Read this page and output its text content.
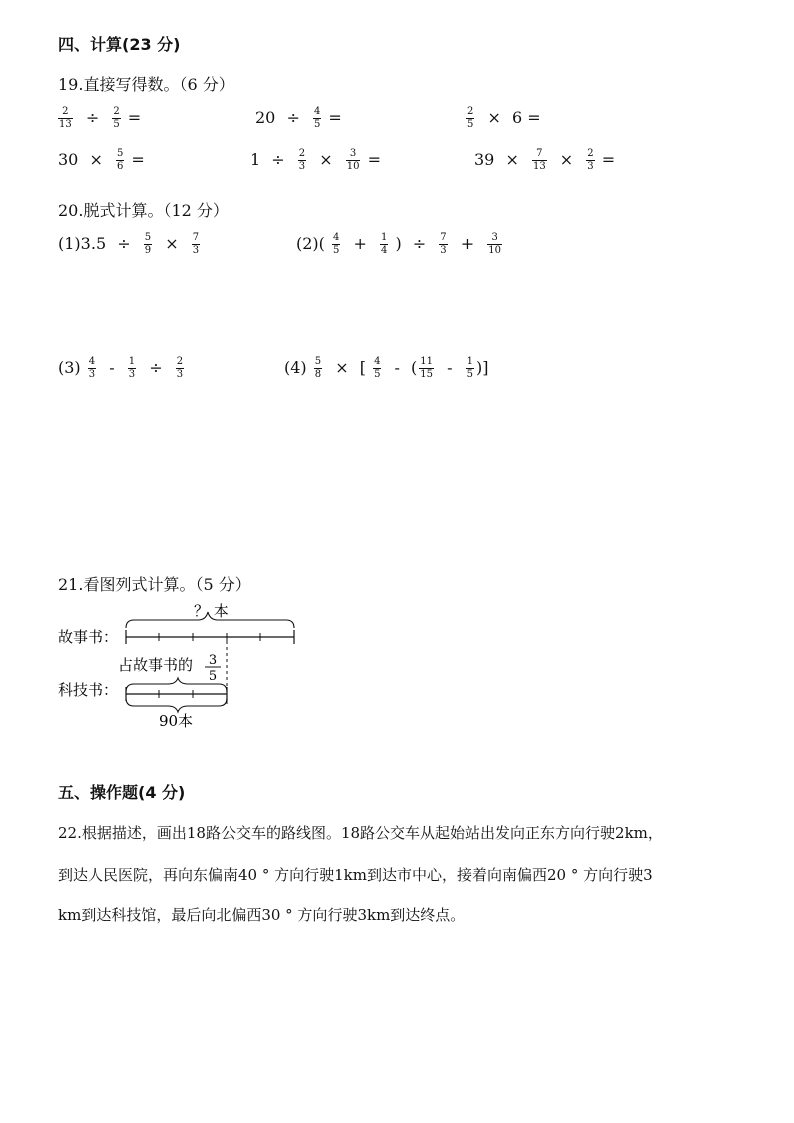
四、计算(23 分)
19.直接写得数。（6 分）
$\frac{2}{13} \div \frac{2}{5}$ =	$20 \div \frac{4}{5}$ =	$\frac{2}{5} \times 6$ =
$30 \times \frac{5}{6}$ =	$1 \div \frac{2}{3} \times \frac{3}{10}$ =	$39 \times \frac{7}{13} \times \frac{2}{3}$ =
20.脱式计算。（12 分）
$(1)3.5 \div \frac{5}{9} \times \frac{7}{3}$	$(2)( \frac{4}{5} + \frac{1}{4}$ ) ÷ $\frac{7}{3} + \frac{3}{10}$
$(3) \frac{4}{3} - \frac{1}{3} \div \frac{2}{3}$	$(4) \frac{5}{8}$ × [ $\frac{4}{5}$ - ( $\frac{11}{15} - \frac{1}{5}$ )]
21.看图列式计算。（5 分）
？ 本
故事书：
占故事书的 3
5
科技书：
90本
五、操作题(4 分)
22.根据描述，画出18路公交车的路线图。18路公交车从起始站出发向正东方向行驶2km，
到达人民医院，再向东偏南40 ° 方向行驶1km到达市中心，接着向南偏西20 ° 方向行驶3
km到达科技馆，最后向北偏西30 ° 方向行驶3km到达终点。
